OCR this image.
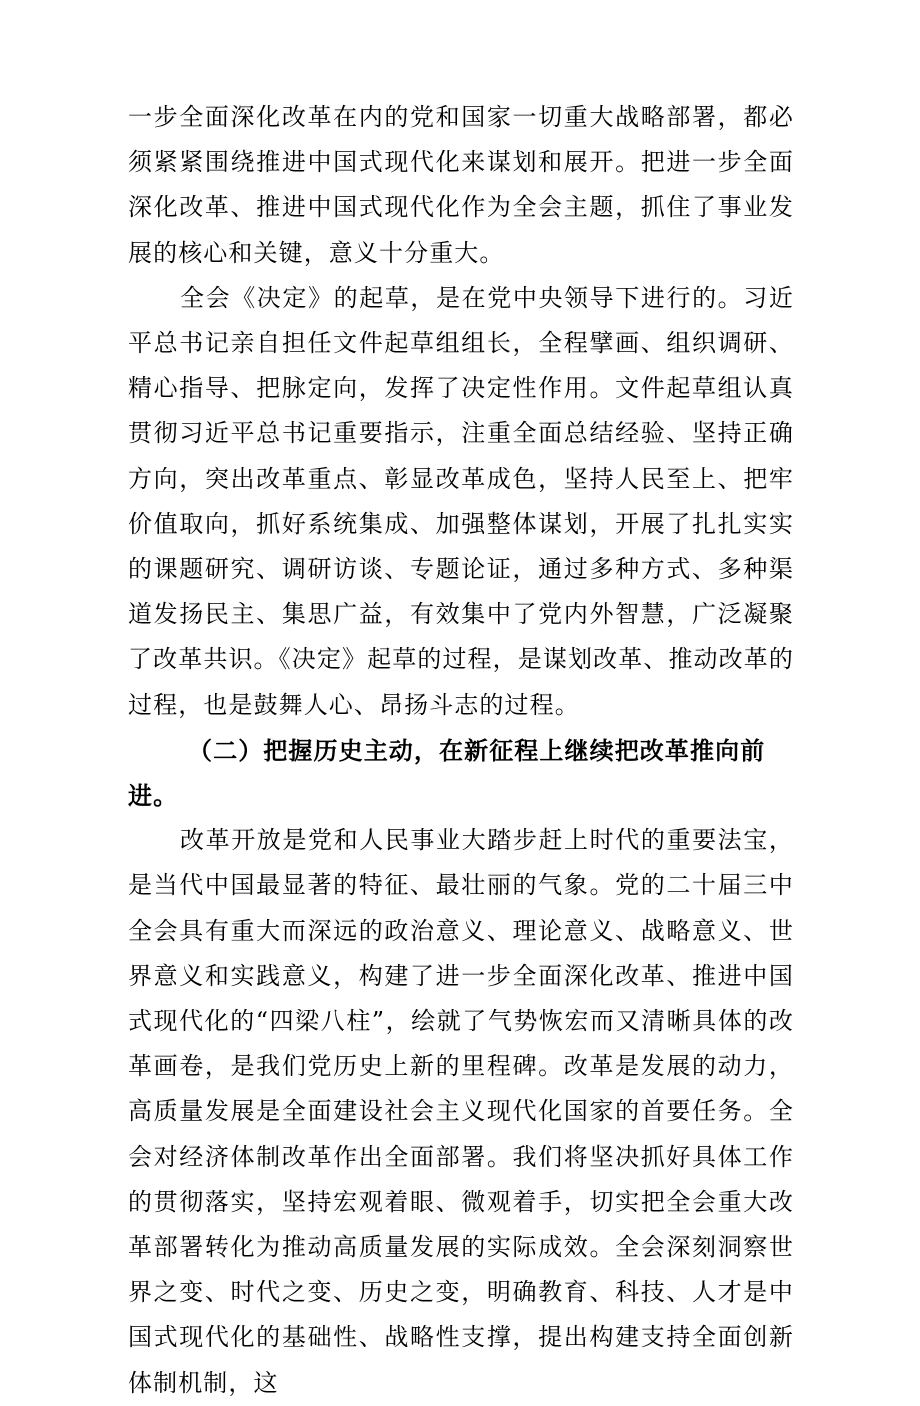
一步全面深化改革在内的党和国家一切重大战略部署，都必须紧紧围绕推进中国式现代化来谋划和展开。把进一步全面深化改革、推进中国式现代化作为全会主题，抓住了事业发展的核心和关键，意义十分重大。

全会《决定》的起草，是在党中央领导下进行的。习近平总书记亲自担任文件起草组组长，全程擘画、组织调研、精心指导、把脉定向，发挥了决定性作用。文件起草组认真贯彻习近平总书记重要指示，注重全面总结经验、坚持正确方向，突出改革重点、彰显改革成色，坚持人民至上、把牢价值取向，抓好系统集成、加强整体谋划，开展了扎扎实实的课题研究、调研访谈、专题论证，通过多种方式、多种渠道发扬民主、集思广益，有效集中了党内外智慧，广泛凝聚了改革共识。《决定》起草的过程，是谋划改革、推动改革的过程，也是鼓舞人心、昂扬斗志的过程。

（二）把握历史主动，在新征程上继续把改革推向前进。

改革开放是党和人民事业大踏步赶上时代的重要法宝，是当代中国最显著的特征、最壮丽的气象。党的二十届三中全会具有重大而深远的政治意义、理论意义、战略意义、世界意义和实践意义，构建了进一步全面深化改革、推进中国式现代化的“四梁八柱”，绘就了气势恢宏而又清晰具体的改革画卷，是我们党历史上新的里程碑。改革是发展的动力，高质量发展是全面建设社会主义现代化国家的首要任务。全会对经济体制改革作出全面部署。我们将坚决抓好具体工作的贯彻落实，坚持宏观着眼、微观着手，切实把全会重大改革部署转化为推动高质量发展的实际成效。全会深刻洞察世界之变、时代之变、历史之变，明确教育、科技、人才是中国式现代化的基础性、战略性支撑，提出构建支持全面创新体制机制，这
